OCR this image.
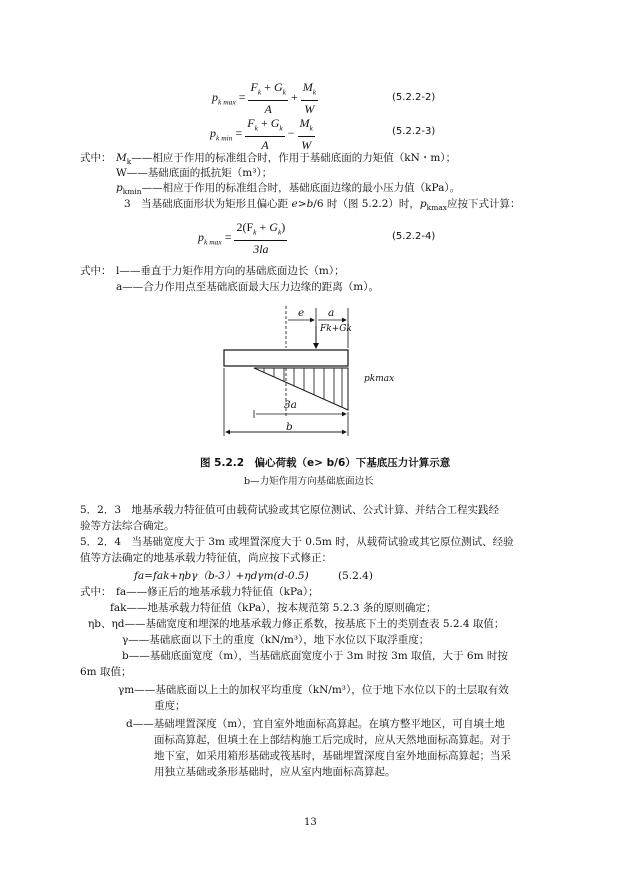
$p_{k max} = \frac{F_k + G_k}{A} + \frac{M_k}{W}$	(5.2.2-2)
$p_{k min} = \frac{F_k + G_k}{A} - \frac{M_k}{W}$	(5.2.2-3)
式中： $M_k——$相应于作用的标准组合时，作用于基础底面的力矩值（kN・m）；
W——基础底面的抵抗矩（m³）；
$p_{kmin}——$相应于作用的标准组合时，基础底面边缘的最小压力值（kPa）。
3　当基础底面形状为矩形且偏心距 e>b/6 时（图 5.2.2）时，$p_{kmax}$应按下式计算：
$p_{k max} = \frac{2(F_k + G_k)}{3la}$	(5.2.2-4)
式中： l——垂直于力矩作用方向的基础底面边长（m）；
a——合力作用点至基础底面最大压力边缘的距离（m）。
e a
Fk+Gk
pkmax
3a
b
图 5.2.2　偏心荷载（e> b/6）下基底压力计算示意
b—力矩作用方向基础底面边长
5．2．3　地基承载力特征值可由载荷试验或其它原位测试、公式计算、并结合工程实践经
验等方法综合确定。
5．2．4　当基础宽度大于 3m 或埋置深度大于 0.5m 时，从载荷试验或其它原位测试、经验
值等方法确定的地基承载力特征值，尚应按下式修正：
fa=fak+ηbγ（b-3）+ηdγm(d-0.5)	(5.2.4)
式中： fa——修正后的地基承载力特征值（kPa）；
fak——地基承载力特征值（kPa），按本规范第 5.2.3 条的原则确定；
ηb、ηd——基础宽度和埋深的地基承载力修正系数，按基底下土的类别查表 5.2.4 取值；
γ——基础底面以下土的重度（kN/m³），地下水位以下取浮重度；
b——基础底面宽度（m），当基础底面宽度小于 3m 时按 3m 取值，大于 6m 时按
6m 取值；
γm——基础底面以上土的加权平均重度（kN/m³），位于地下水位以下的土层取有效
重度；
d——基础埋置深度（m），宜自室外地面标高算起。在填方整平地区，可自填土地
面标高算起，但填土在上部结构施工后完成时，应从天然地面标高算起。对于
地下室，如采用箱形基础或筏基时，基础埋置深度自室外地面标高算起；当采
用独立基础或条形基础时，应从室内地面标高算起。
13
